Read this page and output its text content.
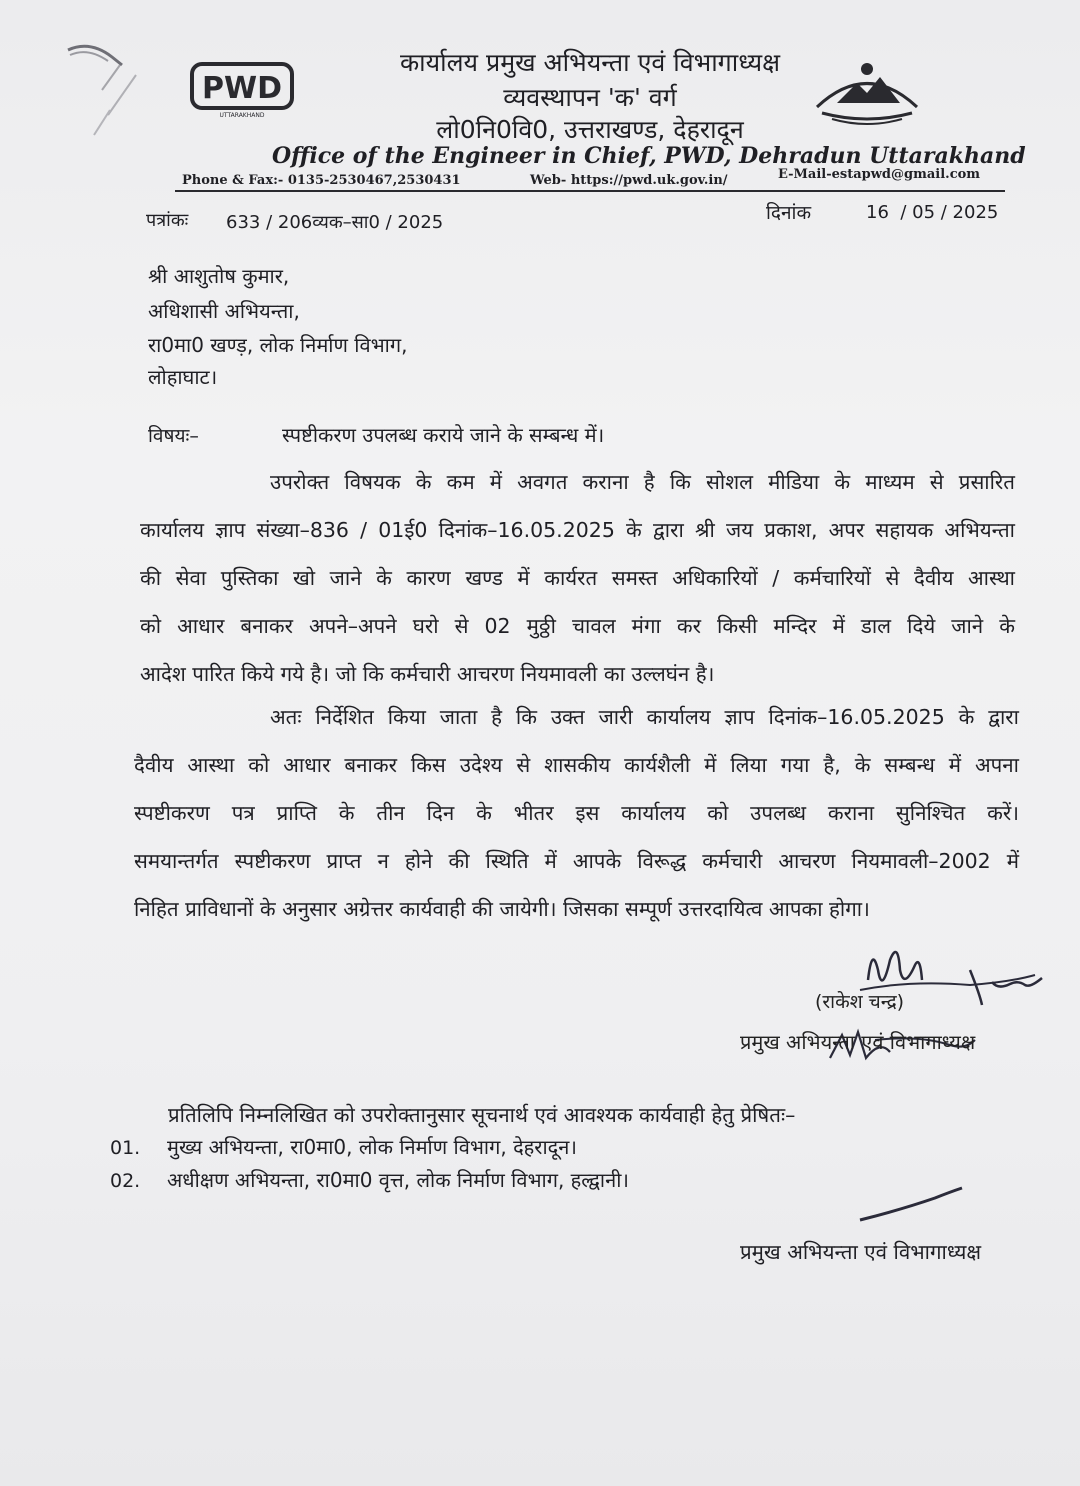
PWD
UTTARAKHAND
कार्यालय प्रमुख अभियन्ता एवं विभागाध्यक्ष
व्यवस्थापन 'क' वर्ग
लो0नि0वि0, उत्तराखण्ड, देहरादून
Office of the Engineer in Chief, PWD, Dehradun Uttarakhand
Phone & Fax:- 0135-2530467,2530431	Web- https://pwd.uk.gov.in/	E-Mail-estapwd@gmail.com
पत्रांकः 633 / 206व्यक–सा0 / 2025	दिनांक	16  / 05 / 2025
श्री आशुतोष कुमार,
अधिशासी अभियन्ता,
रा0मा0 खण्ड़, लोक निर्माण विभाग,
लोहाघाट।
विषयः–	स्पष्टीकरण उपलब्ध कराये जाने के सम्बन्ध में।
उपरोक्त विषयक के कम में अवगत कराना है कि सोशल मीडिया के माध्यम से प्रसारित
कार्यालय ज्ञाप संख्या–836 / 01ई0 दिनांक–16.05.2025 के द्वारा श्री जय प्रकाश, अपर सहायक अभियन्ता
की सेवा पुस्तिका खो जाने के कारण खण्ड में कार्यरत समस्त अधिकारियों / कर्मचारियों से दैवीय आस्था
को आधार बनाकर अपने–अपने घरो से 02 मुठ्ठी चावल मंगा कर किसी मन्दिर में डाल दिये जाने के
आदेश पारित किये गये है। जो कि कर्मचारी आचरण नियमावली का उल्लघंन है।
अतः निर्देशित किया जाता है कि उक्त जारी कार्यालय ज्ञाप दिनांक–16.05.2025 के द्वारा
दैवीय आस्था को आधार बनाकर किस उदेश्य से शासकीय कार्यशैली में लिया गया है, के सम्बन्ध में अपना
स्पष्टीकरण पत्र प्राप्ति के तीन दिन के भीतर इस कार्यालय को उपलब्ध कराना सुनिश्चित करें।
समयान्तर्गत स्पष्टीकरण प्राप्त न होने की स्थिति में आपके विरूद्ध कर्मचारी आचरण नियमावली–2002 में
निहित प्राविधानों के अनुसार अग्रेत्तर कार्यवाही की जायेगी। जिसका सम्पूर्ण उत्तरदायित्व आपका होगा।
(राकेश चन्द्र)
प्रमुख अभियन्ता एवं विभागाध्यक्ष
प्रतिलिपि निम्नलिखित को उपरोक्तानुसार सूचनार्थ एवं आवश्यक कार्यवाही हेतु प्रेषितः–
01. मुख्य अभियन्ता, रा0मा0, लोक निर्माण विभाग, देहरादून।
02. अधीक्षण अभियन्ता, रा0मा0 वृत्त, लोक निर्माण विभाग, हल्द्वानी।
प्रमुख अभियन्ता एवं विभागाध्यक्ष
